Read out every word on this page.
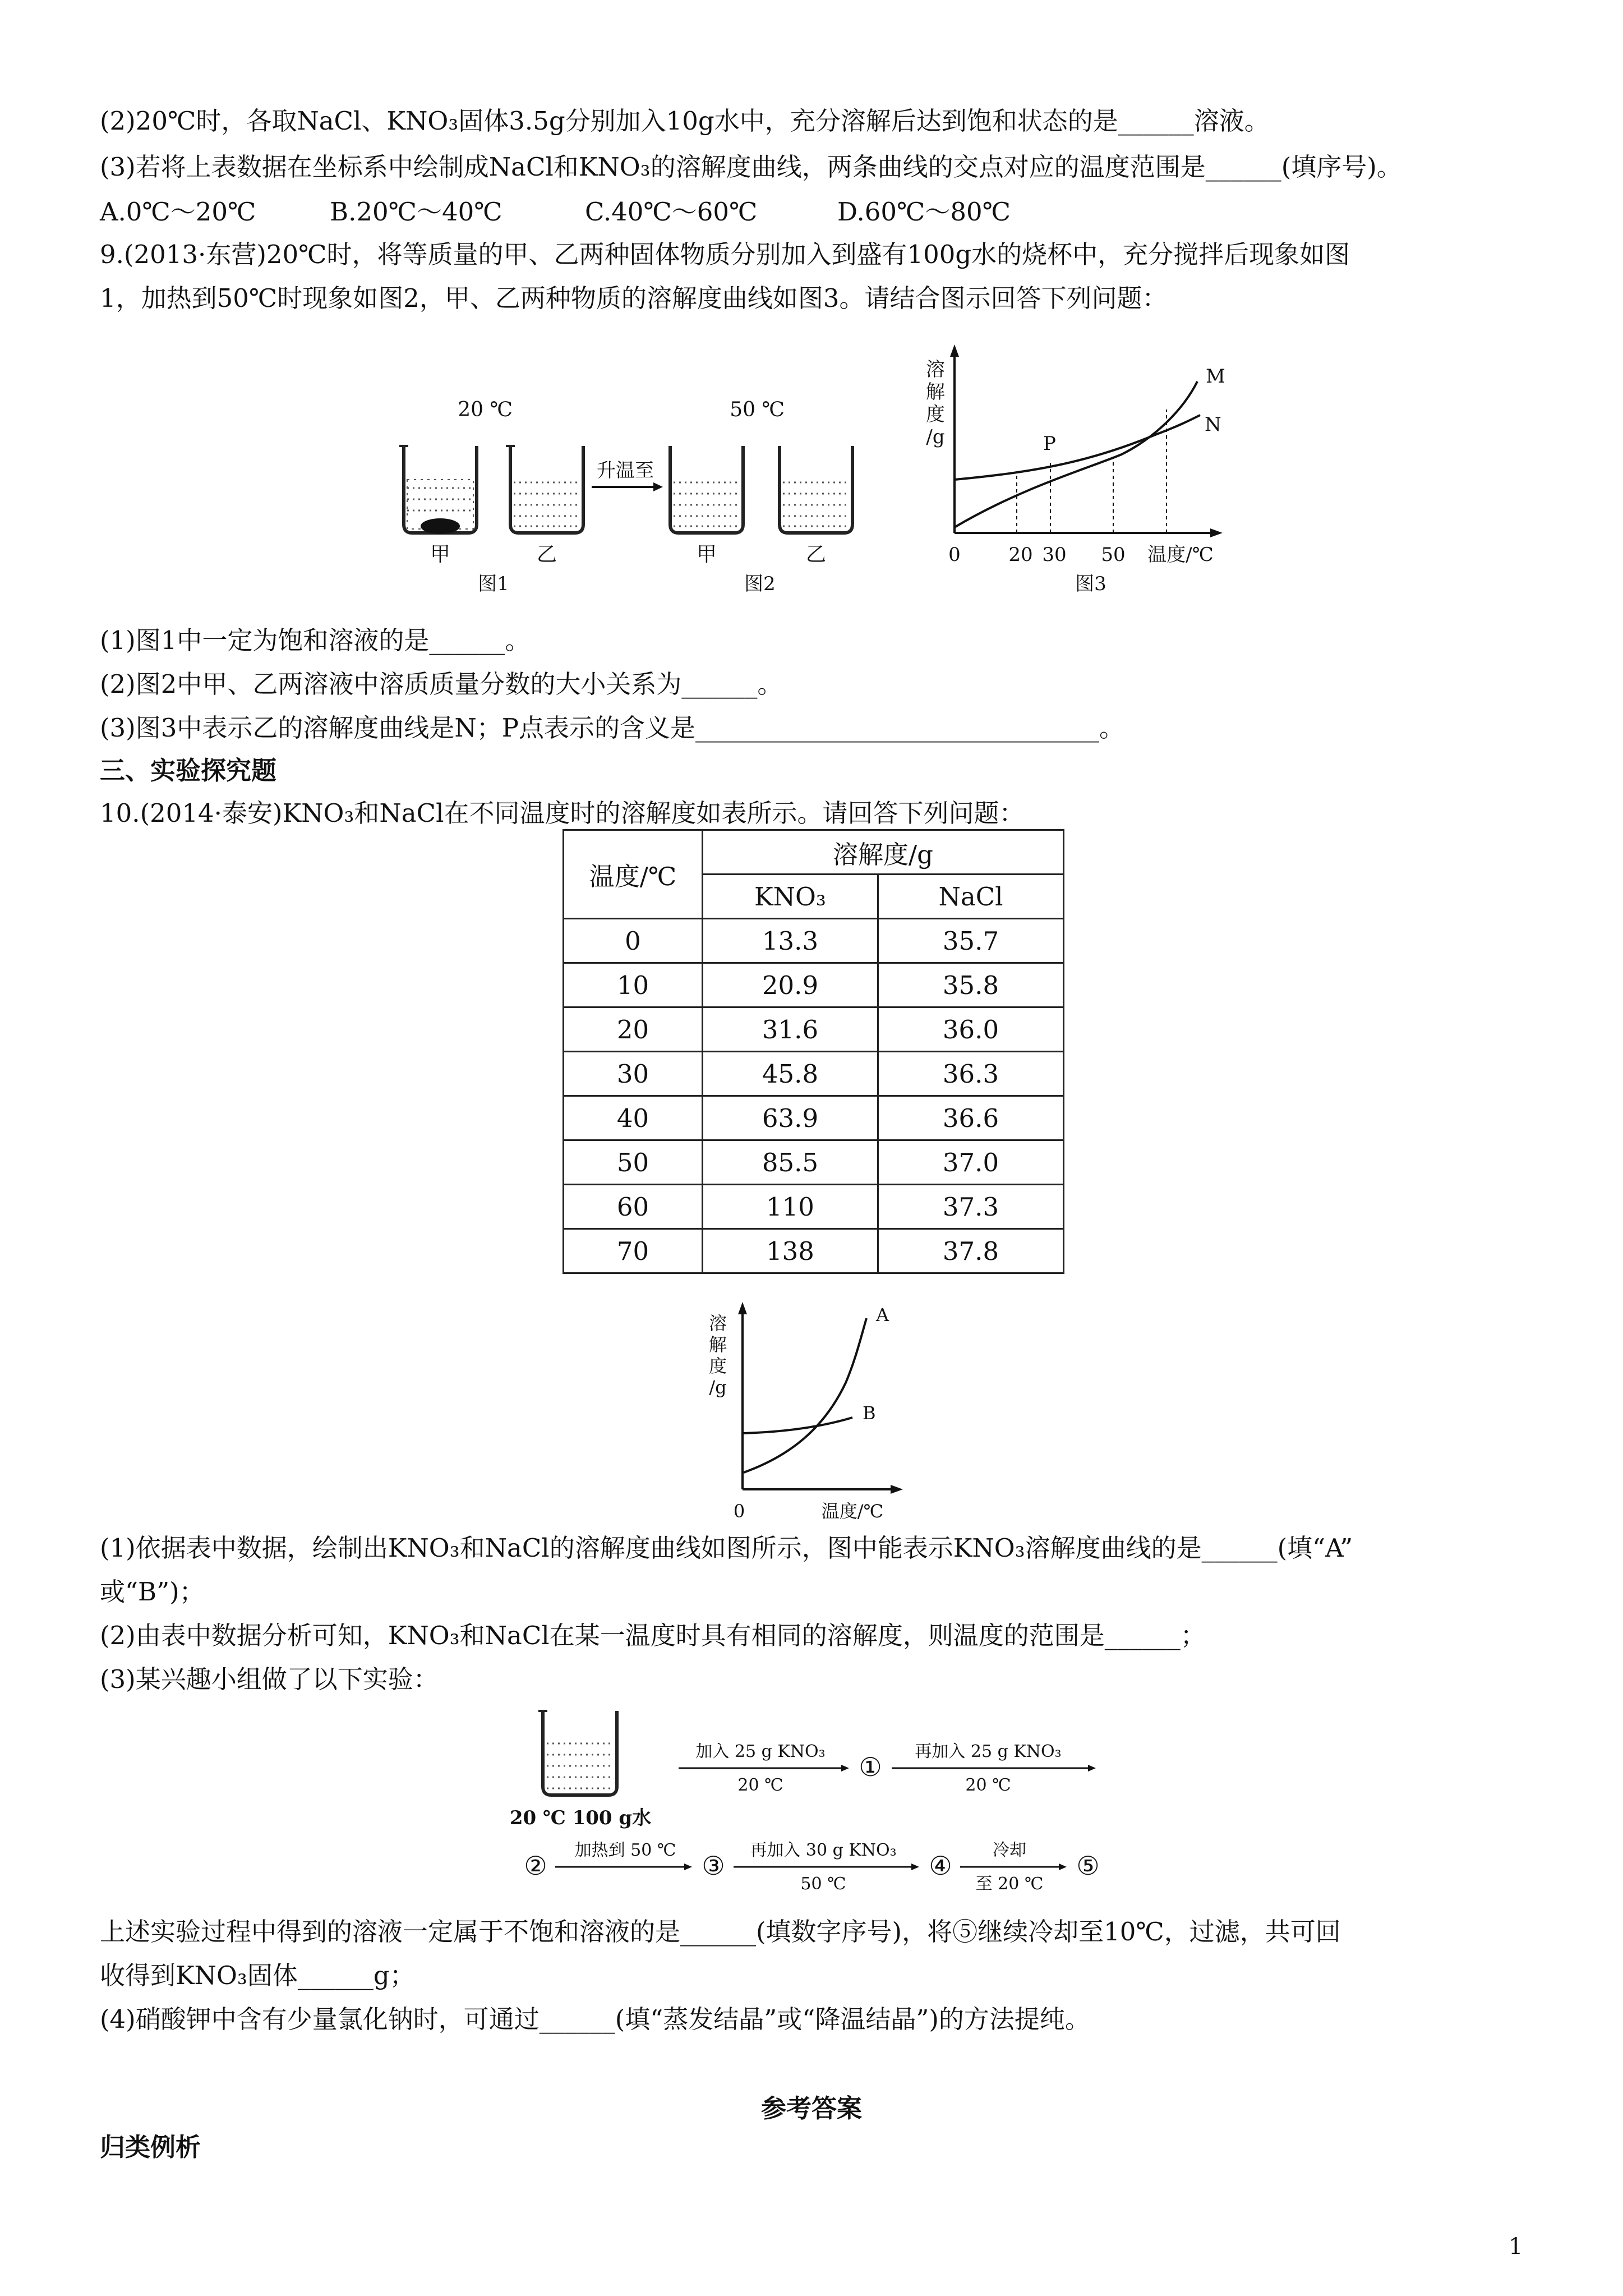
(2)20℃时，各取NaCl、KNO₃固体3.5g分别加入10g水中，充分溶解后达到饱和状态的是______溶液。
(3)若将上表数据在坐标系中绘制成NaCl和KNO₃的溶解度曲线，两条曲线的交点对应的温度范围是______(填序号)。
A.0℃～20℃	B.20℃～40℃	C.40℃～60℃	D.60℃～80℃
9.(2013·东营)20℃时，将等质量的甲、乙两种固体物质分别加入到盛有100g水的烧杯中，充分搅拌后现象如图
1，加热到50℃时现象如图2，甲、乙两种物质的溶解度曲线如图3。请结合图示回答下列问题：
20 ℃	50 ℃
升温至
甲	乙	甲	乙
图1	图2
溶
解
度
/g
M
N
P
0	20 30 50 温度/℃
图3
(1)图1中一定为饱和溶液的是______。
(2)图2中甲、乙两溶液中溶质质量分数的大小关系为______。
(3)图3中表示乙的溶解度曲线是N；P点表示的含义是________________________________。
三、实验探究题
10.(2014·泰安)KNO₃和NaCl在不同温度时的溶解度如表所示。请回答下列问题：
温度/℃	溶解度/g	
	KNO₃	NaCl
0	13.3	35.7
10	20.9	35.8
20	31.6	36.0
30	45.8	36.3
40	63.9	36.6
50	85.5	37.0
60	110	37.3
70	138	37.8
溶
解
度
/g
A
B
0	温度/℃
(1)依据表中数据，绘制出KNO₃和NaCl的溶解度曲线如图所示，图中能表示KNO₃溶解度曲线的是______(填“A”
或“B”)；
(2)由表中数据分析可知，KNO₃和NaCl在某一温度时具有相同的溶解度，则温度的范围是______；
(3)某兴趣小组做了以下实验：
20 ℃ 100 g水
加入 25 g KNO₃
20 ℃
①
再加入 25 g KNO₃
20 ℃
②
加热到 50 ℃
③
再加入 30 g KNO₃
50 ℃
④
冷却
至 20 ℃
⑤
上述实验过程中得到的溶液一定属于不饱和溶液的是______(填数字序号)，将⑤继续冷却至10℃，过滤，共可回
收得到KNO₃固体______g；
(4)硝酸钾中含有少量氯化钠时，可通过______(填“蒸发结晶”或“降温结晶”)的方法提纯。
参考答案
归类例析
1
